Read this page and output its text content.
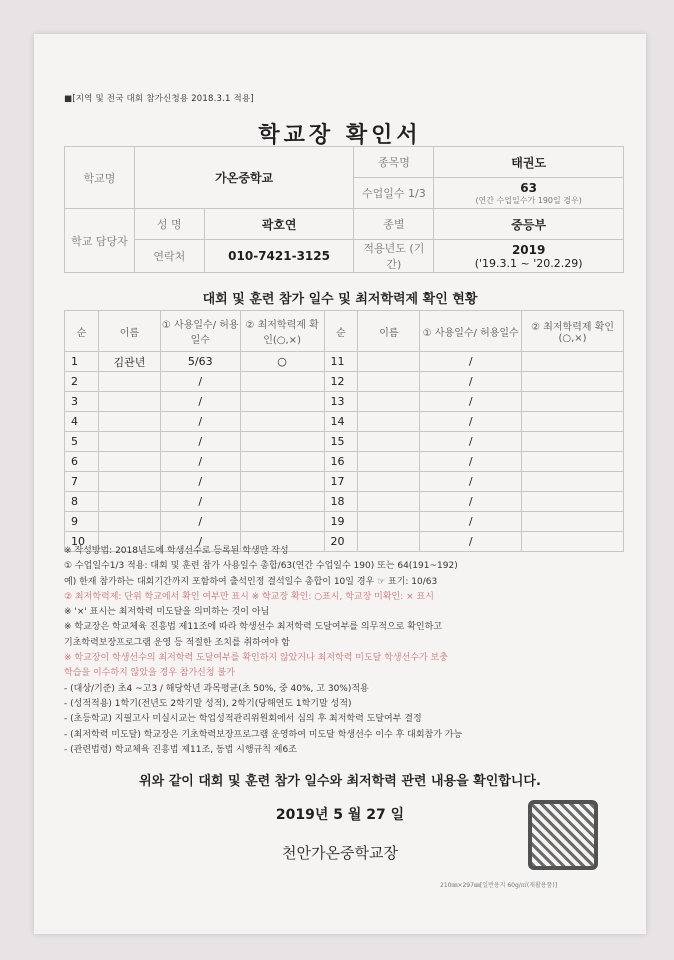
■[지역 및 전국 대회 참가신청용 2018.3.1 적용]
학교장 확인서
학교명	가온중학교		종목명	태권도
			수업일수 1/3	63
(연간 수업일수가 190일 경우)

학교 담당자	성 명	곽호연	종별	중등부
	연락처	010-7421-3125	적용년도 (기간)	2019
('19.3.1 ~ '20.2.29)
대회 및 훈련 참가 일수 및 최저학력제 확인 현황
순	이름	① 사용일수/ 허용일수	② 최저학력제 확인(○,×)	순	이름	① 사용일수/ 허용일수	② 최저학력제 확인(○,×)
1	김관년	5/63	○	11		/	
2		/		12		/	
3		/		13		/	
4		/		14		/	
5		/		15		/	
6		/		16		/	
7		/		17		/	
8		/		18		/	
9		/		19		/	
10		/		20		/	
※ 작성방법: 2018년도에 학생선수로 등록된 학생만 작성
① 수업일수1/3 적용: 대회 및 훈련 참가 사용일수 총합/63(연간 수업일수 190) 또는 64(191~192)
예) 한재 참가하는 대회기간까지 포함하여 출석인정 결석일수 총합이 10일 경우 ☞ 표기: 10/63
② 최저학력제: 단위 학교에서 확인 여부만 표시 ※ 학교장 확인: ○표시, 학교장 미확인: × 표시
※ '×' 표시는 최저학력 미도달을 의미하는 것이 아님
※ 학교장은 학교체육 진흥법 제11조에 따라 학생선수 최저학력 도달여부를 의무적으로 확인하고
기초학력보장프로그램 운영 등 적절한 조치를 취하여야 함
※ 학교장이 학생선수의 최저학력 도달여부를 확인하지 않았거나 최저학력 미도달 학생선수가 보충
학습을 이수하지 않았을 경우 참가신청 불가
- (대상/기준) 초4 ~고3 / 해당학년 과목평균(초 50%, 중 40%, 고 30%)적용
- (성적적용) 1학기(전년도 2학기말 성적), 2학기(당해연도 1학기말 성적)
- (초등학교) 지필고사 미실시교는 학업성적관리위원회에서 심의 후 최저학력 도달여부 결정
- (최저학력 미도달) 학교장은 기초학력보장프로그램 운영하여 미도달 학생선수 이수 후 대회참가 가능
- (관련법령) 학교체육 진흥법 제11조, 동법 시행규칙 제6조
위와 같이 대회 및 훈련 참가 일수와 최저학력 관련 내용을 확인합니다.
2019년 5 월 27 일
천안가온중학교장
210㎜×297㎜[일반용지 60g/㎡(재활용품)]
